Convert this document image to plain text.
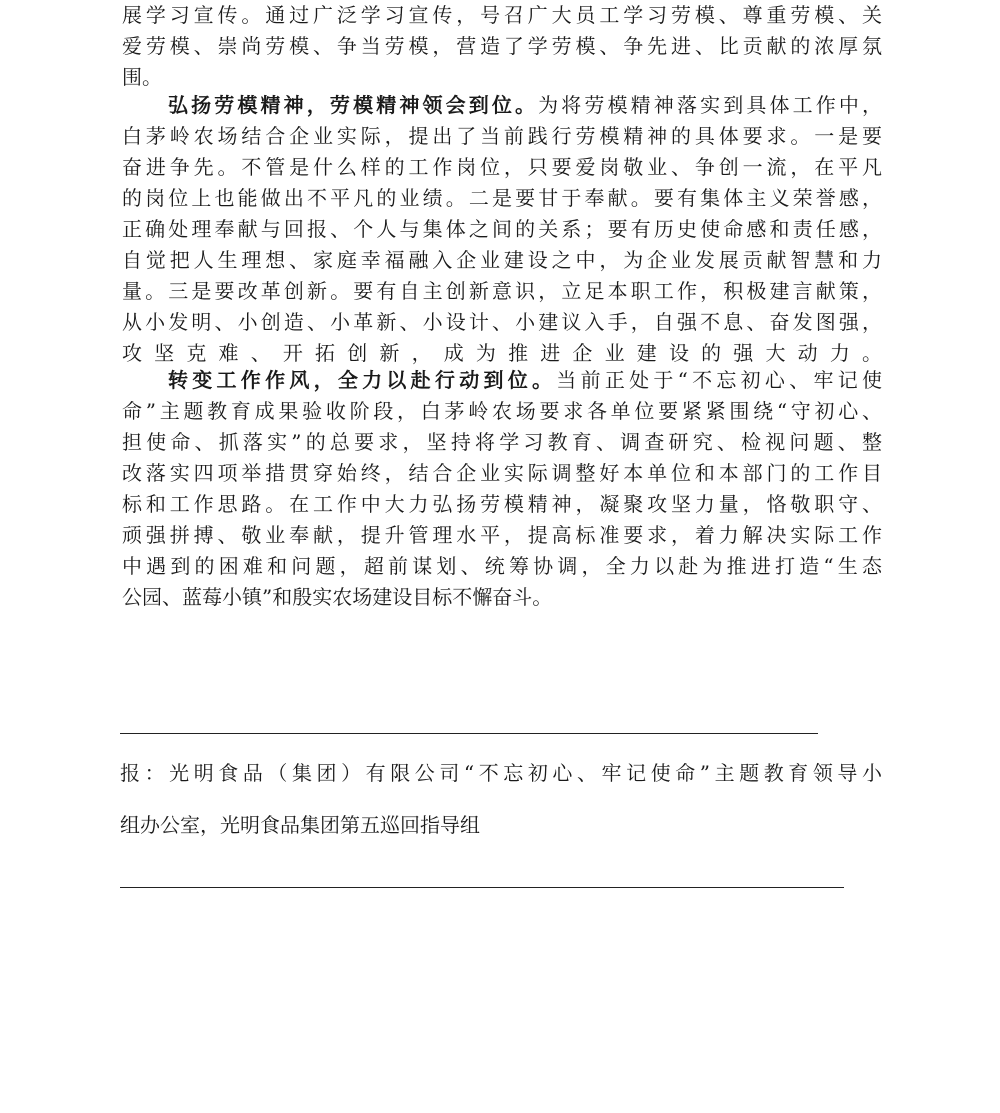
展学习宣传。通过广泛学习宣传，号召广大员工学习劳模、尊重劳模、关
爱劳模、崇尚劳模、争当劳模，营造了学劳模、争先进、比贡献的浓厚氛
围。
弘扬劳模精神，劳模精神领会到位。为将劳模精神落实到具体工作中，
白茅岭农场结合企业实际，提出了当前践行劳模精神的具体要求。一是要
奋进争先。不管是什么样的工作岗位，只要爱岗敬业、争创一流，在平凡
的岗位上也能做出不平凡的业绩。二是要甘于奉献。要有集体主义荣誉感，
正确处理奉献与回报、个人与集体之间的关系；要有历史使命感和责任感，
自觉把人生理想、家庭幸福融入企业建设之中，为企业发展贡献智慧和力
量。三是要改革创新。要有自主创新意识，立足本职工作，积极建言献策，
从小发明、小创造、小革新、小设计、小建议入手，自强不息、奋发图强，
攻坚克难、开拓创新，成为推进企业建设的强大动力。
转变工作作风，全力以赴行动到位。当前正处于“不忘初心、牢记使
命”主题教育成果验收阶段，白茅岭农场要求各单位要紧紧围绕“守初心、
担使命、抓落实”的总要求，坚持将学习教育、调查研究、检视问题、整
改落实四项举措贯穿始终，结合企业实际调整好本单位和本部门的工作目
标和工作思路。在工作中大力弘扬劳模精神，凝聚攻坚力量，恪敬职守、
顽强拼搏、敬业奉献，提升管理水平，提高标准要求，着力解决实际工作
中遇到的困难和问题，超前谋划、统筹协调，全力以赴为推进打造“生态
公园、蓝莓小镇”和殷实农场建设目标不懈奋斗。
报：光明食品（集团）有限公司“不忘初心、牢记使命”主题教育领导小
组办公室，光明食品集团第五巡回指导组
